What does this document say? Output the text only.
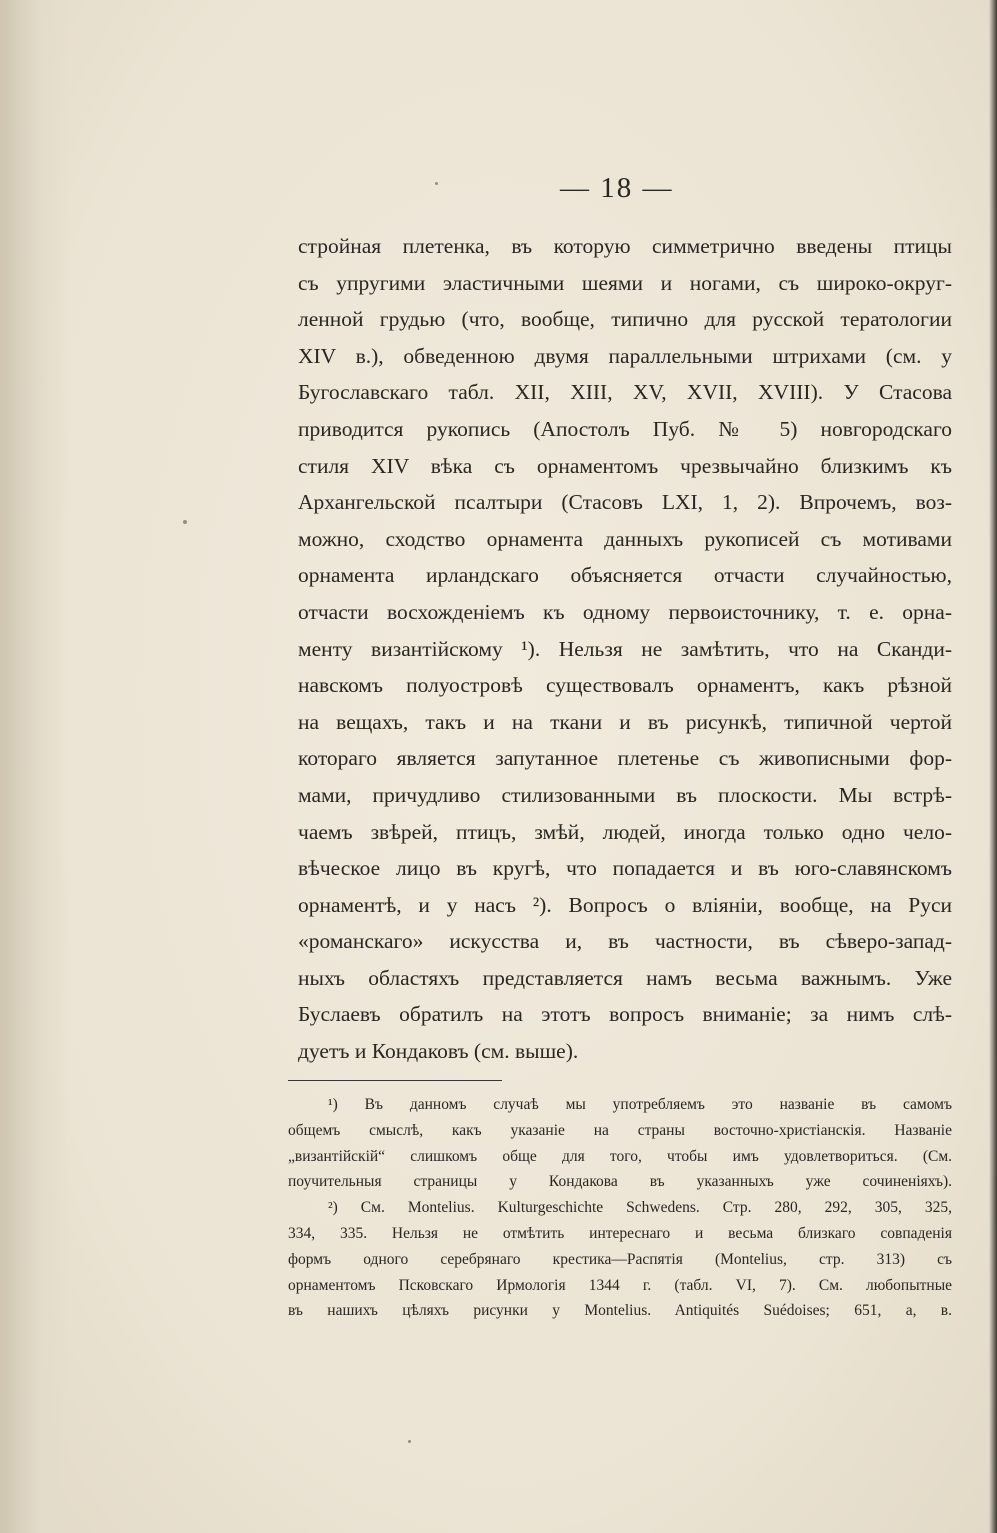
— 18 —
стройная плетенка, въ которую симметрично введены птицы
съ упругими эластичными шеями и ногами, съ широко-округ-
ленной грудью (что, вообще, типично для русской тератологии
XIV в.), обведенною двумя параллельными штрихами (см. у
Бугославскаго табл. XII, XIII, XV, XVII, XVIII). У Стасова
приводится рукопись (Апостолъ Пуб. № 5) новгородскаго
стиля XIV вѣка съ орнаментомъ чрезвычайно близкимъ къ
Архангельской псалтыри (Стасовъ LXI, 1, 2). Впрочемъ, воз-
можно, сходство орнамента данныхъ рукописей съ мотивами
орнамента ирландскаго объясняется отчасти случайностью,
отчасти восхожденіемъ къ одному первоисточнику, т. е. орна-
менту византійскому ¹). Нельзя не замѣтить, что на Сканди-
навскомъ полуостровѣ существовалъ орнаментъ, какъ рѣзной
на вещахъ, такъ и на ткани и въ рисункѣ, типичной чертой
котораго является запутанное плетенье съ живописными фор-
мами, причудливо стилизованными въ плоскости. Мы встрѣ-
чаемъ звѣрей, птицъ, змѣй, людей, иногда только одно чело-
вѣческое лицо въ кругѣ, что попадается и въ юго-славянскомъ
орнаментѣ, и у насъ ²). Вопросъ о вліяніи, вообще, на Руси
«романскаго» искусства и, въ частности, въ сѣверо-запад-
ныхъ областяхъ представляется намъ весьма важнымъ. Уже
Буслаевъ обратилъ на этотъ вопросъ вниманіе; за нимъ слѣ-
дуетъ и Кондаковъ (см. выше).
¹) Въ данномъ случаѣ мы употребляемъ это названіе въ самомъ
общемъ смыслѣ, какъ указаніе на страны восточно-христіанскія. Названіе
„византійскій“ слишкомъ обще для того, чтобы имъ удовлетвориться. (См.
поучительныя страницы у Кондакова въ указанныхъ уже сочиненіяхъ).
²) См. Montelius. Kulturgeschichte Schwedens. Стр. 280, 292, 305, 325,
334, 335. Нельзя не отмѣтить интереснаго и весьма близкаго совпаденія
формъ одного серебрянаго крестика—Распятія (Montelius, стр. 313) съ
орнаментомъ Псковскаго Ирмологія 1344 г. (табл. VI, 7). См. любопытные
въ нашихъ цѣляхъ рисунки у Montelius. Antiquités Suédoises; 651, а, в.
